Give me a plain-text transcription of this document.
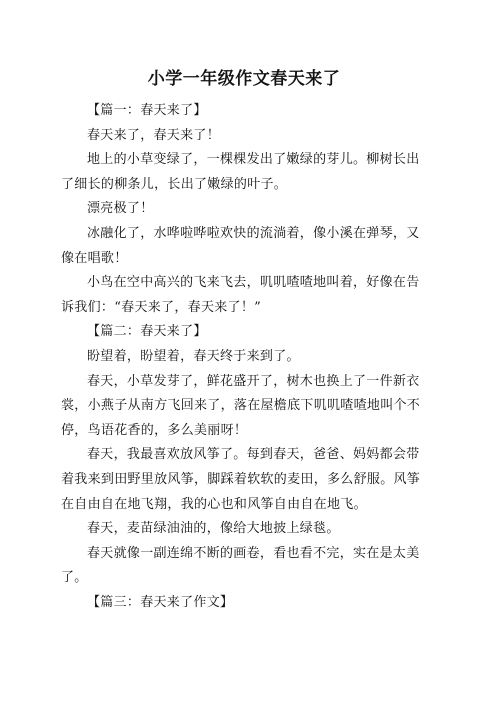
小学一年级作文春天来了

【篇一：春天来了】

春天来了，春天来了！

地上的小草变绿了，一棵棵发出了嫩绿的芽儿。柳树长出了细长的柳条儿，长出了嫩绿的叶子。

漂亮极了！

冰融化了，水哗啦哗啦欢快的流淌着，像小溪在弹琴，又像在唱歌！

小鸟在空中高兴的飞来飞去，叽叽喳喳地叫着，好像在告诉我们：“春天来了，春天来了！”

【篇二：春天来了】

盼望着，盼望着，春天终于来到了。

春天，小草发芽了，鲜花盛开了，树木也换上了一件新衣裳，小燕子从南方飞回来了，落在屋檐底下叽叽喳喳地叫个不停，鸟语花香的，多么美丽呀！

春天，我最喜欢放风筝了。每到春天，爸爸、妈妈都会带着我来到田野里放风筝，脚踩着软软的麦田，多么舒服。风筝在自由自在地飞翔，我的心也和风筝自由自在地飞。

春天，麦苗绿油油的，像给大地披上绿毯。

春天就像一副连绵不断的画卷，看也看不完，实在是太美了。

【篇三：春天来了作文】
